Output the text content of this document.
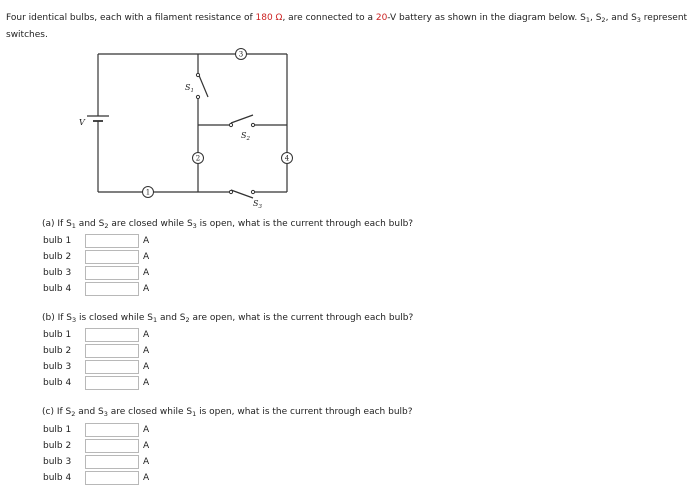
Four identical bulbs, each with a filament resistance of 180 Ω, are connected to a 20-V battery as shown in the diagram below. $S_1$, $S_2$, and $S_3$ represent switches.
3
2	4
1
V
$S_1$
$S_2$
$S_3$
(a) If $S_1$ and $S_2$ are closed while $S_3$ is open, what is the current through each bulb?
bulb 1	A
bulb 2	A
bulb 3	A
bulb 4	A
(b) If $S_3$ is closed while $S_1$ and $S_2$ are open, what is the current through each bulb?
bulb 1	A
bulb 2	A
bulb 3	A
bulb 4	A
(c) If $S_2$ and $S_3$ are closed while $S_1$ is open, what is the current through each bulb?
bulb 1	A
bulb 2	A
bulb 3	A
bulb 4	A
